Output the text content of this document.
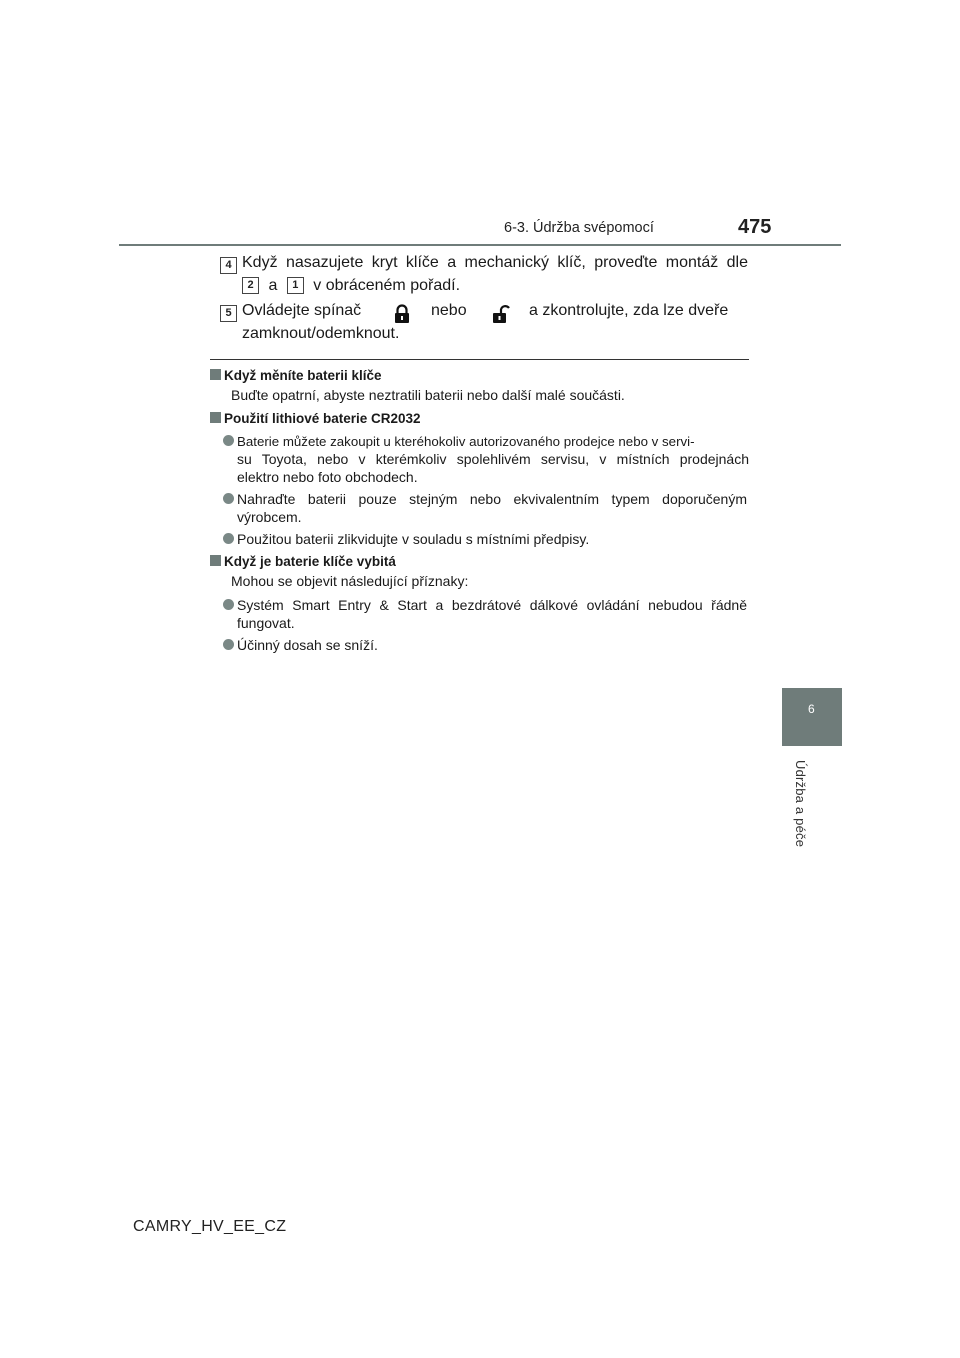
6-3. Údržba svépomocí	475
6
Údržba a péče
4 Když nasazujete kryt klíče a mechanický klíč, proveďte montáž dle
2 a 1 v obráceném pořadí.
5 Ovládejte spínač	nebo	a zkontrolujte, zda lze dveře
zamknout/odemknout.
Když měníte baterii klíče
Buďte opatrní, abyste neztratili baterii nebo další malé součásti.
Použití lithiové baterie CR2032
Baterie můžete zakoupit u kteréhokoliv autorizovaného prodejce nebo v servi-
su Toyota, nebo v kterémkoliv spolehlivém servisu, v místních prodejnách
elektro nebo foto obchodech.
Nahraďte baterii pouze stejným nebo ekvivalentním typem doporučeným
výrobcem.
Použitou baterii zlikvidujte v souladu s místními předpisy.
Když je baterie klíče vybitá
Mohou se objevit následující příznaky:
Systém Smart Entry & Start a bezdrátové dálkové ovládání nebudou řádně
fungovat.
Účinný dosah se sníží.
CAMRY_HV_EE_CZ
